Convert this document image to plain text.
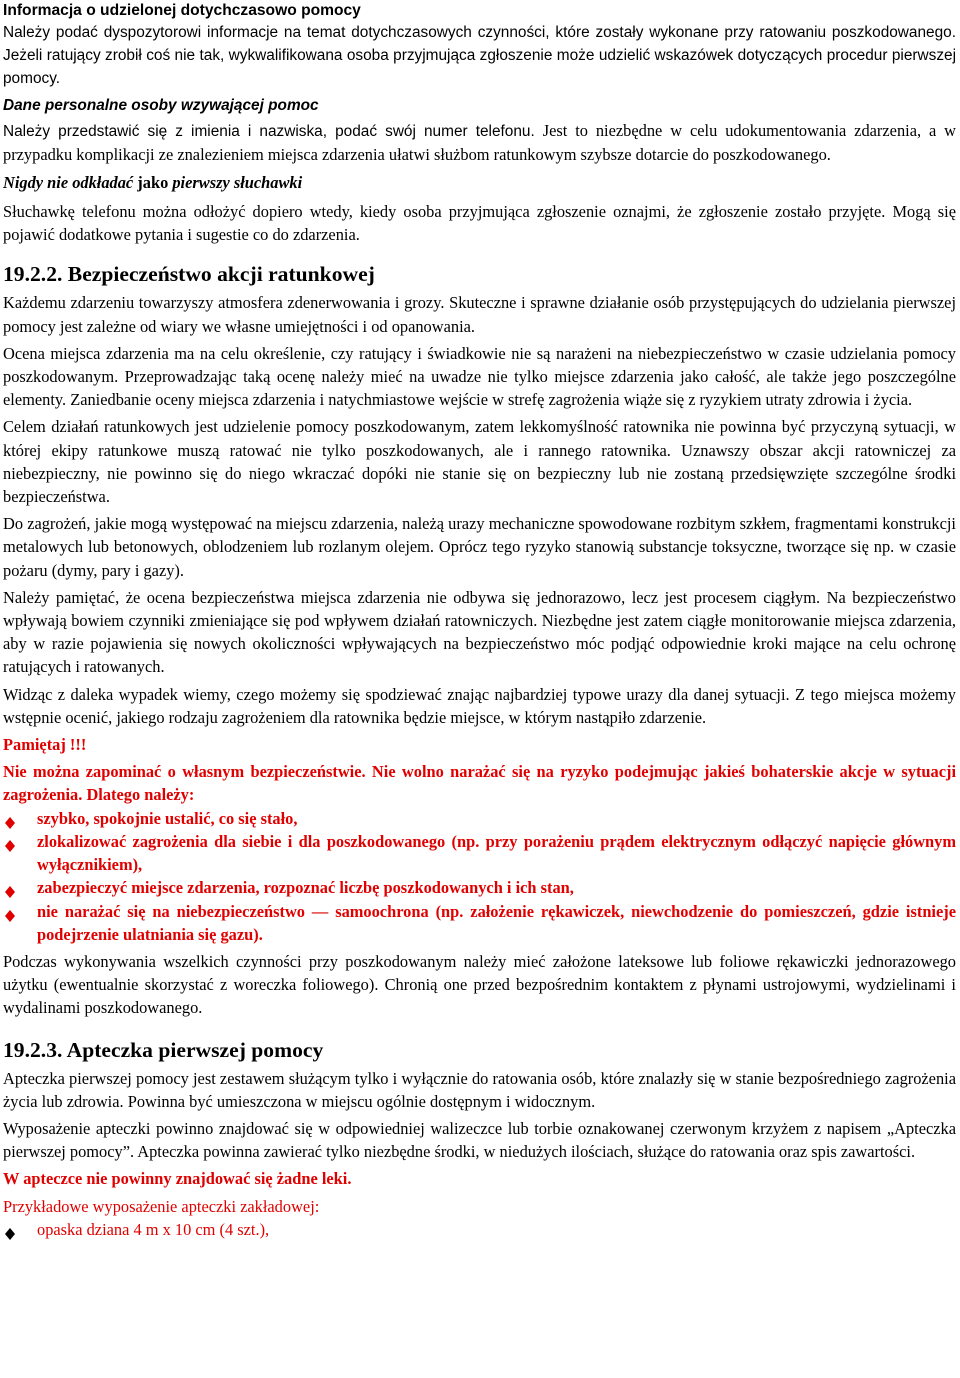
Informacja o udzielonej dotychczasowo pomocy

Należy podać dyspozytorowi informacje na temat dotychczasowych czynności, które zostały wykonane przy ratowaniu poszkodowanego. Jeżeli ratujący zrobił coś nie tak, wykwalifikowana osoba przyjmująca zgłoszenie może udzielić wskazówek dotyczących procedur pierwszej pomocy.

Dane personalne osoby wzywającej pomoc

Należy przedstawić się z imienia i nazwiska, podać swój numer telefonu. Jest to niezbędne w celu udokumentowania zdarzenia, a w przypadku komplikacji ze znalezieniem miejsca zdarzenia ułatwi służbom ratunkowym szybsze dotarcie do poszkodowanego.

Nigdy nie odkładać jako pierwszy słuchawki

Słuchawkę telefonu można odłożyć dopiero wtedy, kiedy osoba przyjmująca zgłoszenie oznajmi, że zgłoszenie zostało przyjęte. Mogą się pojawić dodatkowe pytania i sugestie co do zdarzenia.

19.2.2. Bezpieczeństwo akcji ratunkowej

Każdemu zdarzeniu towarzyszy atmosfera zdenerwowania i grozy. Skuteczne i sprawne działanie osób przystępujących do udzielania pierwszej pomocy jest zależne od wiary we własne umiejętności i od opanowania.

Ocena miejsca zdarzenia ma na celu określenie, czy ratujący i świadkowie nie są narażeni na niebezpieczeństwo w czasie udzielania pomocy poszkodowanym. Przeprowadzając taką ocenę należy mieć na uwadze nie tylko miejsce zdarzenia jako całość, ale także jego poszczególne elementy. Zaniedbanie oceny miejsca zdarzenia i natychmiastowe wejście w strefę zagrożenia wiąże się z ryzykiem utraty zdrowia i życia.

Celem działań ratunkowych jest udzielenie pomocy poszkodowanym, zatem lekkomyślność ratownika nie powinna być przyczyną sytuacji, w której ekipy ratunkowe muszą ratować nie tylko poszkodowanych, ale i rannego ratownika. Uznawszy obszar akcji ratowniczej za niebezpieczny, nie powinno się do niego wkraczać dopóki nie stanie się on bezpieczny lub nie zostaną przedsięwzięte szczególne środki bezpieczeństwa.

Do zagrożeń, jakie mogą występować na miejscu zdarzenia, należą urazy mechaniczne spowodowane rozbitym szkłem, fragmentami konstrukcji metalowych lub betonowych, oblodzeniem lub rozlanym olejem. Oprócz tego ryzyko stanowią substancje toksyczne, tworzące się np. w czasie pożaru (dymy, pary i gazy).

Należy pamiętać, że ocena bezpieczeństwa miejsca zdarzenia nie odbywa się jednorazowo, lecz jest procesem ciągłym. Na bezpieczeństwo wpływają bowiem czynniki zmieniające się pod wpływem działań ratowniczych. Niezbędne jest zatem ciągłe monitorowanie miejsca zdarzenia, aby w razie pojawienia się nowych okoliczności wpływających na bezpieczeństwo móc podjąć odpowiednie kroki mające na celu ochronę ratujących i ratowanych.

Widząc z daleka wypadek wiemy, czego możemy się spodziewać znając najbardziej typowe urazy dla danej sytuacji. Z tego miejsca możemy wstępnie ocenić, jakiego rodzaju zagrożeniem dla ratownika będzie miejsce, w którym nastąpiło zdarzenie.

Pamiętaj !!!

Nie można zapominać o własnym bezpieczeństwie. Nie wolno narażać się na ryzyko podejmując jakieś bohaterskie akcje w sytuacji zagrożenia. Dlatego należy:

szybko, spokojnie ustalić, co się stało,
zlokalizować zagrożenia dla siebie i dla poszkodowanego (np. przy porażeniu prądem elektrycznym odłączyć napięcie głównym wyłącznikiem),
zabezpieczyć miejsce zdarzenia, rozpoznać liczbę poszkodowanych i ich stan,
nie narażać się na niebezpieczeństwo — samoochrona (np. założenie rękawiczek, niewchodzenie do pomieszczeń, gdzie istnieje podejrzenie ulatniania się gazu).

Podczas wykonywania wszelkich czynności przy poszkodowanym należy mieć założone lateksowe lub foliowe rękawiczki jednorazowego użytku (ewentualnie skorzystać z woreczka foliowego). Chronią one przed bezpośrednim kontaktem z płynami ustrojowymi, wydzielinami i wydalinami poszkodowanego.

19.2.3. Apteczka pierwszej pomocy

Apteczka pierwszej pomocy jest zestawem służącym tylko i wyłącznie do ratowania osób, które znalazły się w stanie bezpośredniego zagrożenia życia lub zdrowia. Powinna być umieszczona w miejscu ogólnie dostępnym i widocznym.

Wyposażenie apteczki powinno znajdować się w odpowiedniej walizeczce lub torbie oznakowanej czerwonym krzyżem z napisem „Apteczka pierwszej pomocy”. Apteczka powinna zawierać tylko niezbędne środki, w niedużych ilościach, służące do ratowania oraz spis zawartości.

W apteczce nie powinny znajdować się żadne leki.

Przykładowe wyposażenie apteczki zakładowej:

opaska dziana 4 m x 10 cm (4 szt.),
